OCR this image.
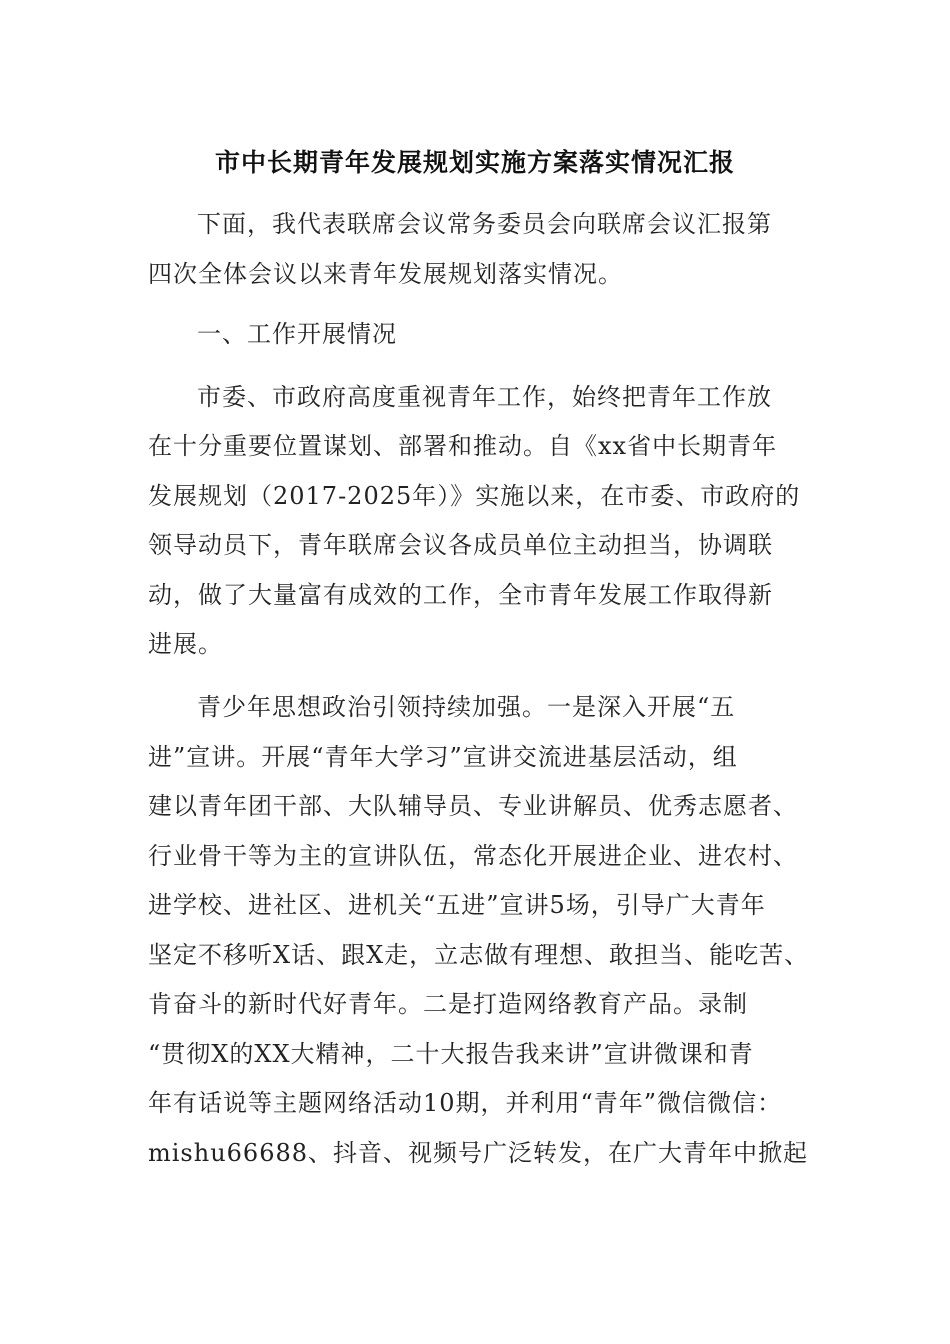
市中长期青年发展规划实施方案落实情况汇报
下面，我代表联席会议常务委员会向联席会议汇报第
四次全体会议以来青年发展规划落实情况。
一、工作开展情况
市委、市政府高度重视青年工作，始终把青年工作放
在十分重要位置谋划、部署和推动。自《xx省中长期青年
发展规划（2017-2025年）》实施以来，在市委、市政府的
领导动员下，青年联席会议各成员单位主动担当，协调联
动，做了大量富有成效的工作，全市青年发展工作取得新
进展。
青少年思想政治引领持续加强。一是深入开展“五
进”宣讲。开展“青年大学习”宣讲交流进基层活动，组
建以青年团干部、大队辅导员、专业讲解员、优秀志愿者、
行业骨干等为主的宣讲队伍，常态化开展进企业、进农村、
进学校、进社区、进机关“五进”宣讲5场，引导广大青年
坚定不移听X话、跟X走，立志做有理想、敢担当、能吃苦、
肯奋斗的新时代好青年。二是打造网络教育产品。录制
“贯彻X的XX大精神，二十大报告我来讲”宣讲微课和青
年有话说等主题网络活动10期，并利用“青年”微信微信：
mishu66688、抖音、视频号广泛转发，在广大青年中掀起
